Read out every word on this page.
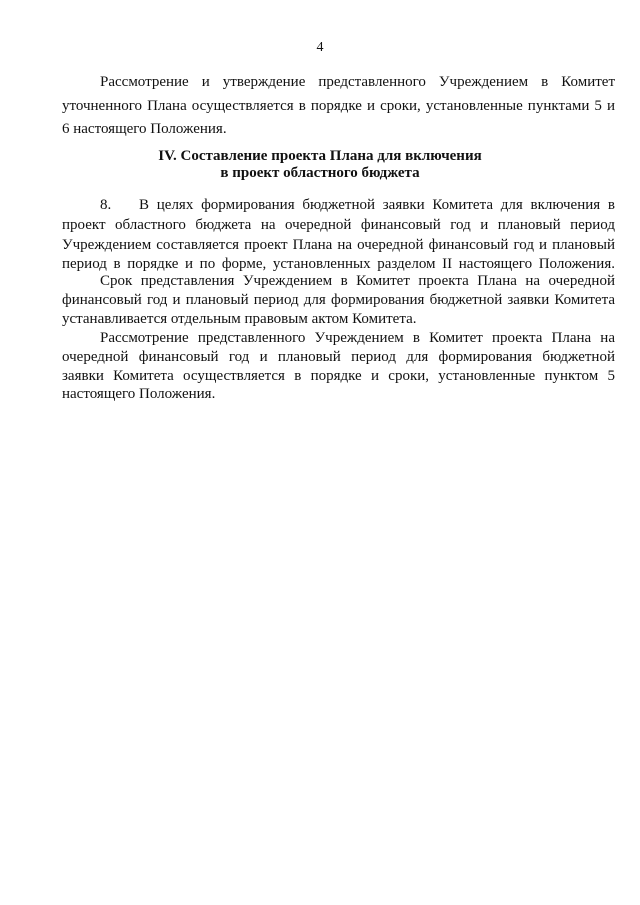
4
Рассмотрение и утверждение представленного Учреждением в Комитет
уточненного Плана осуществляется в порядке и сроки, установленные пунктами 5 и
6 настоящего Положения.
IV. Составление проекта Плана для включения
в проект областного бюджета
8. В целях формирования бюджетной заявки Комитета для включения в
проект областного бюджета на очередной финансовый год и плановый период
Учреждением составляется проект Плана на очередной финансовый год и плановый
период в порядке и по форме, установленных разделом II настоящего Положения.
Срок представления Учреждением в Комитет проекта Плана на очередной
финансовый год и плановый период для формирования бюджетной заявки Комитета
устанавливается отдельным правовым актом Комитета.
Рассмотрение представленного Учреждением в Комитет проекта Плана на
очередной финансовый год и плановый период для формирования бюджетной
заявки Комитета осуществляется в порядке и сроки, установленные пунктом 5
настоящего Положения.
